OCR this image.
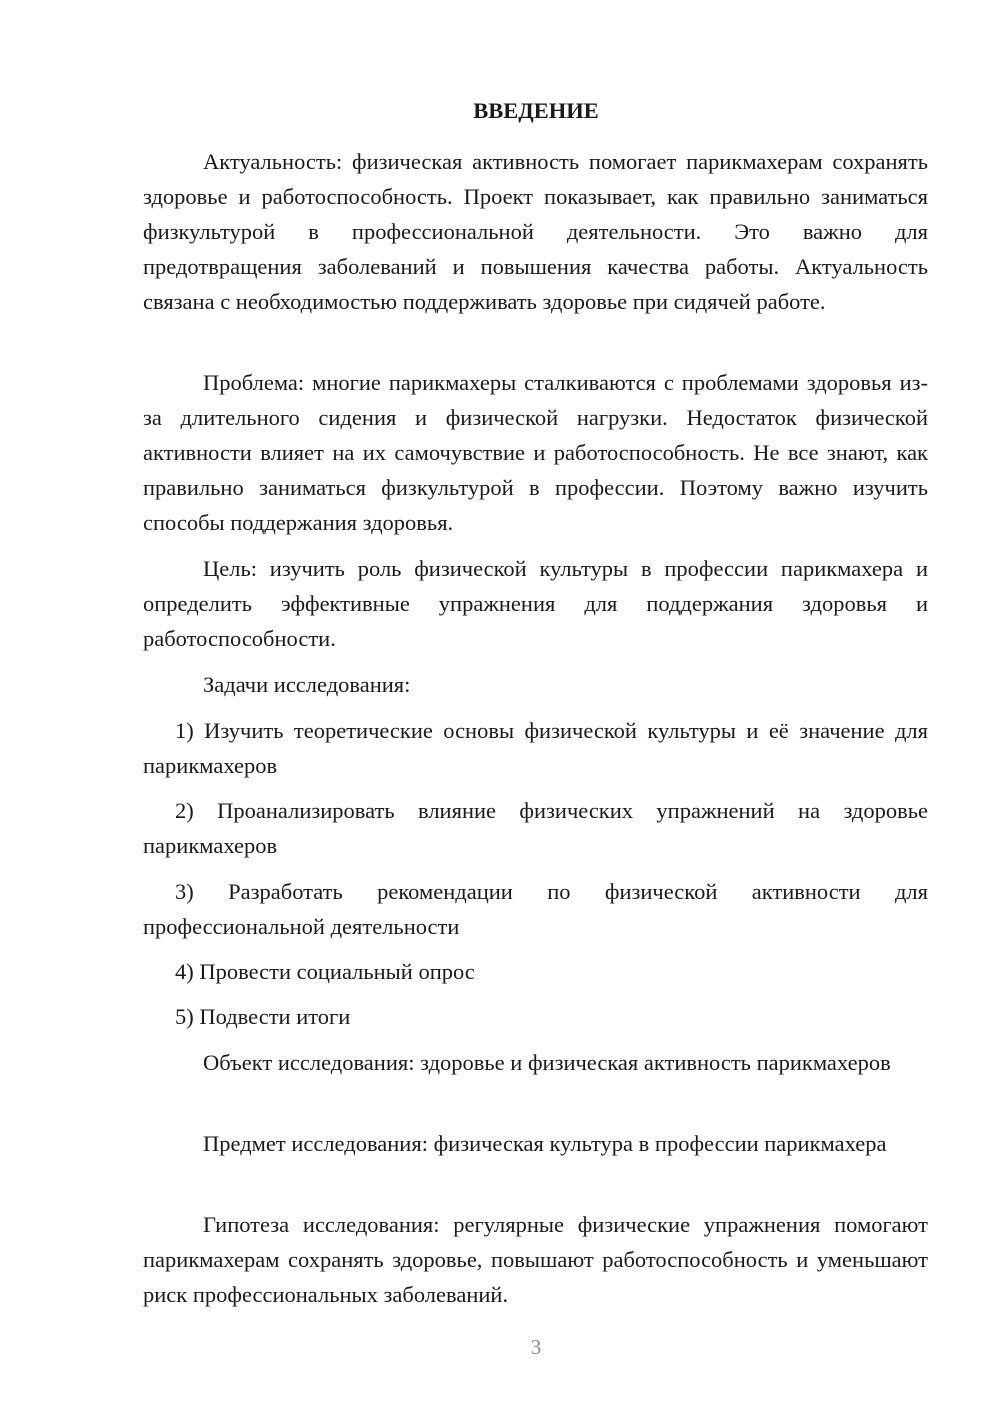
ВВЕДЕНИЕ

Актуальность: физическая активность помогает парикмахерам сохранять здоровье и работоспособность. Проект показывает, как правильно заниматься физкультурой в профессиональной деятельности. Это важно для предотвращения заболеваний и повышения качества работы. Актуальность связана с необходимостью поддерживать здоровье при сидячей работе.

Проблема: многие парикмахеры сталкиваются с проблемами здоровья из-за длительного сидения и физической нагрузки. Недостаток физической активности влияет на их самочувствие и работоспособность. Не все знают, как правильно заниматься физкультурой в профессии. Поэтому важно изучить способы поддержания здоровья.

Цель: изучить роль физической культуры в профессии парикмахера и определить эффективные упражнения для поддержания здоровья и работоспособности.

Задачи исследования:

1) Изучить теоретические основы физической культуры и её значение для парикмахеров

2) Проанализировать влияние физических упражнений на здоровье парикмахеров

3) Разработать рекомендации по физической активности для профессиональной деятельности

4) Провести социальный опрос

5) Подвести итоги

Объект исследования: здоровье и физическая активность парикмахеров

Предмет исследования: физическая культура в профессии парикмахера

Гипотеза исследования: регулярные физические упражнения помогают парикмахерам сохранять здоровье, повышают работоспособность и уменьшают риск профессиональных заболеваний.

3
